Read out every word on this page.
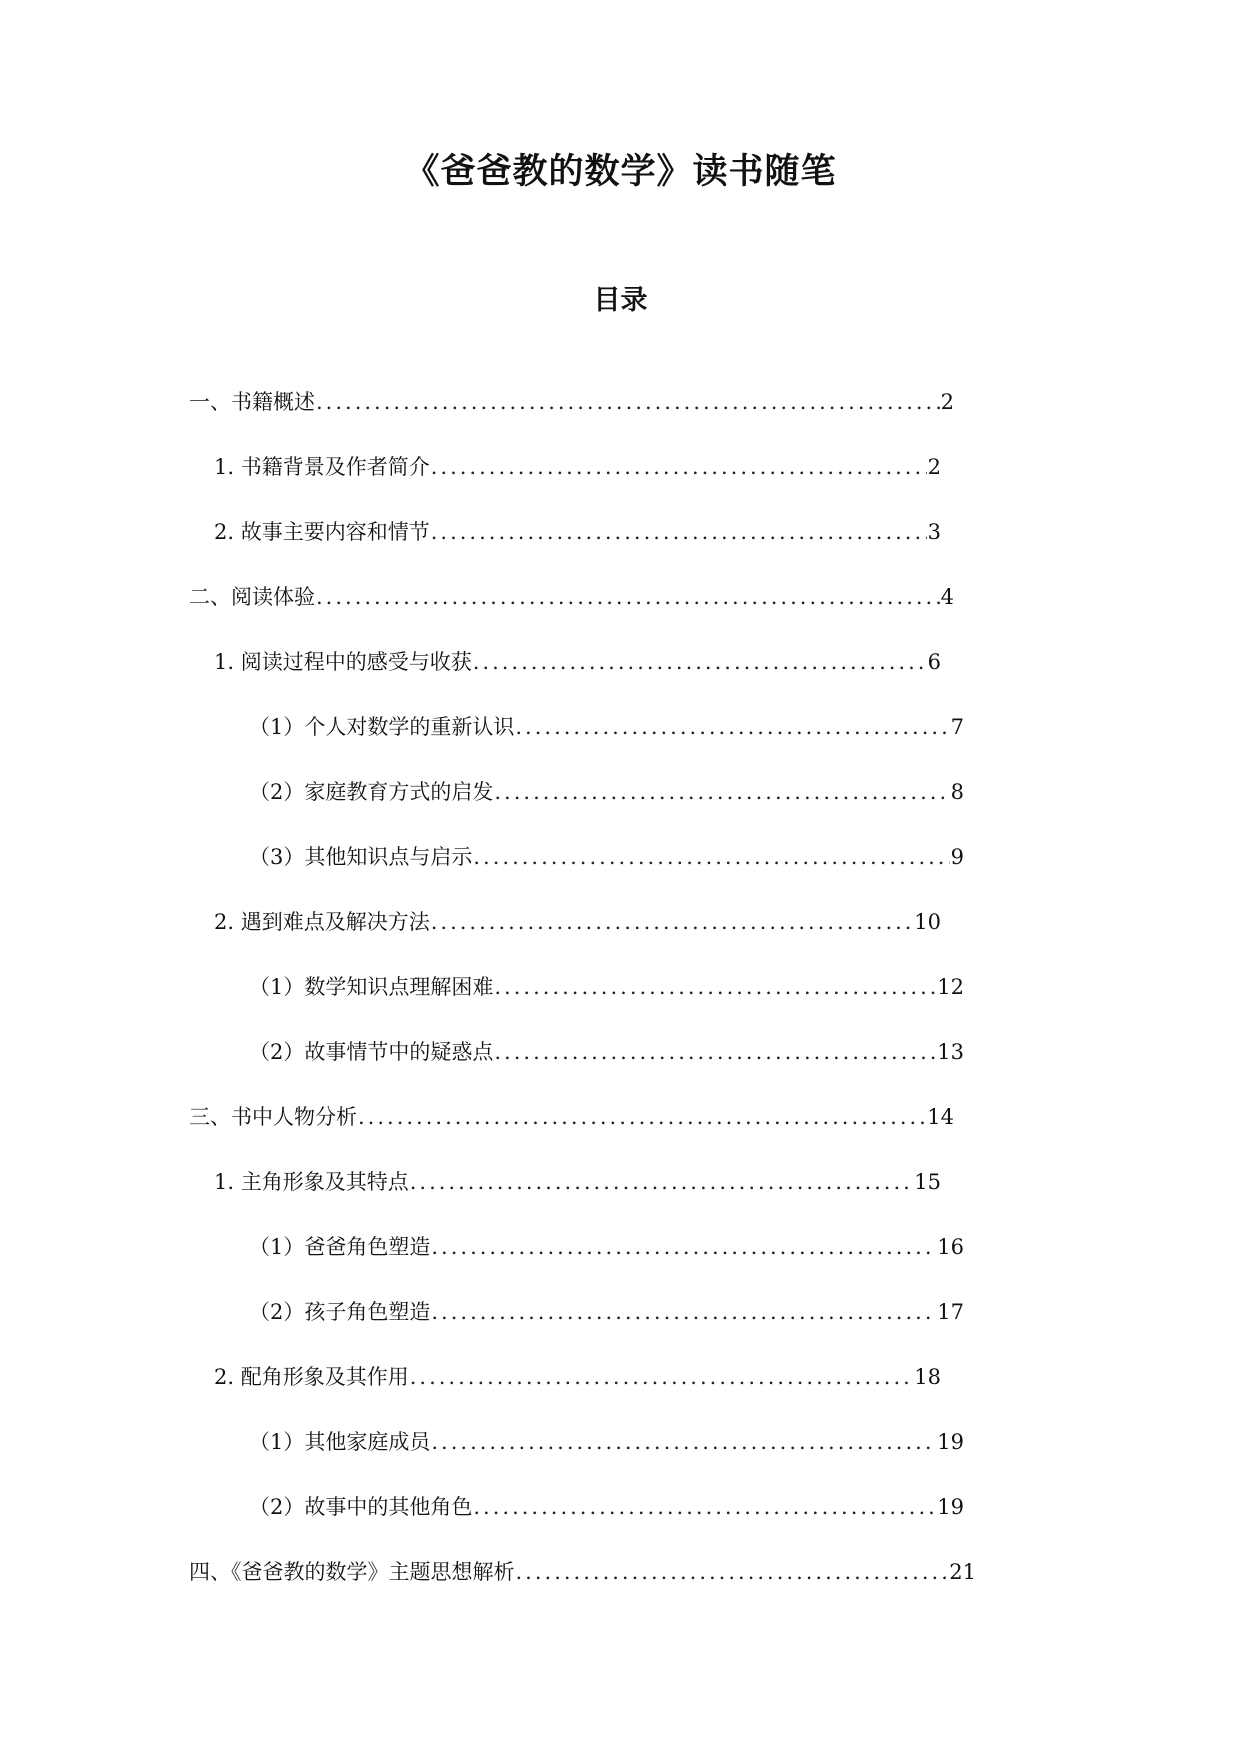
《爸爸教的数学》读书随笔
目录
一、书籍概述 .....	2
1. 书籍背景及作者简介 .....	2
2. 故事主要内容和情节 .....	3
二、阅读体验 .....	4
1. 阅读过程中的感受与收获 .....	6
（1）个人对数学的重新认识 .....	7
（2）家庭教育方式的启发 .....	8
（3）其他知识点与启示 .....	9
2. 遇到难点及解决方法 .....	10
（1）数学知识点理解困难 .....	12
（2）故事情节中的疑惑点 .....	13
三、书中人物分析 .....	14
1. 主角形象及其特点 .....	15
（1）爸爸角色塑造 .....	16
（2）孩子角色塑造 .....	17
2. 配角形象及其作用 .....	18
（1）其他家庭成员 .....	19
（2）故事中的其他角色 .....	19
四、《爸爸教的数学》主题思想解析 .....	21
